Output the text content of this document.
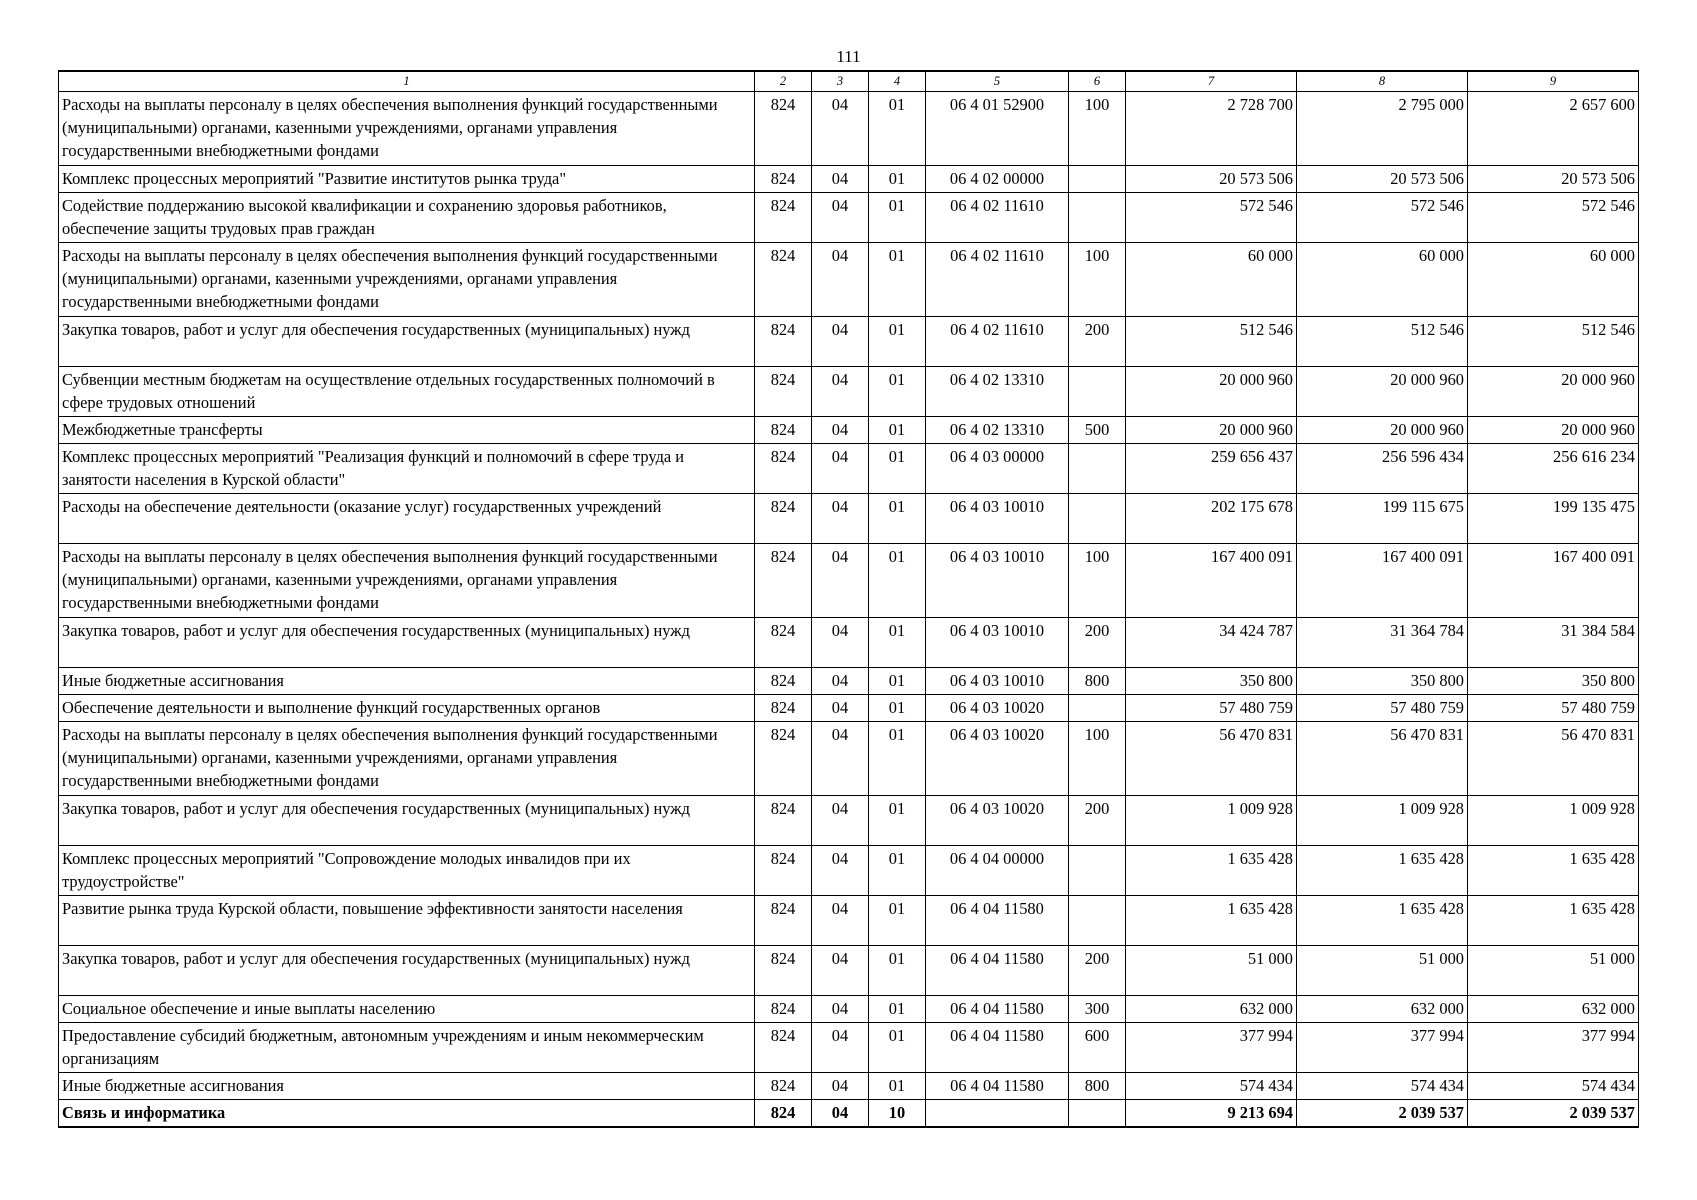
111
1	2	3	4	5	6	7	8	9
Расходы на выплаты персоналу в целях обеспечения выполнения функций государственными (муниципальными) органами, казенными учреждениями, органами управления государственными внебюджетными фондами	824	04	01	06 4 01 52900	100	2 728 700	2 795 000	2 657 600
Комплекс процессных мероприятий "Развитие институтов рынка труда"	824	04	01	06 4 02 00000		20 573 506	20 573 506	20 573 506
Содействие поддержанию высокой квалификации и сохранению здоровья работников, обеспечение защиты трудовых прав граждан	824	04	01	06 4 02 11610		572 546	572 546	572 546
Расходы на выплаты персоналу в целях обеспечения выполнения функций государственными (муниципальными) органами, казенными учреждениями, органами управления государственными внебюджетными фондами	824	04	01	06 4 02 11610	100	60 000	60 000	60 000
Закупка товаров, работ и услуг для обеспечения государственных (муниципальных) нужд	824	04	01	06 4 02 11610	200	512 546	512 546	512 546
Субвенции местным бюджетам на осуществление отдельных государственных полномочий в сфере трудовых отношений	824	04	01	06 4 02 13310		20 000 960	20 000 960	20 000 960
Межбюджетные трансферты	824	04	01	06 4 02 13310	500	20 000 960	20 000 960	20 000 960
Комплекс процессных мероприятий "Реализация функций и полномочий в сфере труда и занятости населения в Курской области"	824	04	01	06 4 03 00000		259 656 437	256 596 434	256 616 234
Расходы на обеспечение деятельности (оказание услуг) государственных учреждений	824	04	01	06 4 03 10010		202 175 678	199 115 675	199 135 475
Расходы на выплаты персоналу в целях обеспечения выполнения функций государственными (муниципальными) органами, казенными учреждениями, органами управления государственными внебюджетными фондами	824	04	01	06 4 03 10010	100	167 400 091	167 400 091	167 400 091
Закупка товаров, работ и услуг для обеспечения государственных (муниципальных) нужд	824	04	01	06 4 03 10010	200	34 424 787	31 364 784	31 384 584
Иные бюджетные ассигнования	824	04	01	06 4 03 10010	800	350 800	350 800	350 800
Обеспечение деятельности и выполнение функций государственных органов	824	04	01	06 4 03 10020		57 480 759	57 480 759	57 480 759
Расходы на выплаты персоналу в целях обеспечения выполнения функций государственными (муниципальными) органами, казенными учреждениями, органами управления государственными внебюджетными фондами	824	04	01	06 4 03 10020	100	56 470 831	56 470 831	56 470 831
Закупка товаров, работ и услуг для обеспечения государственных (муниципальных) нужд	824	04	01	06 4 03 10020	200	1 009 928	1 009 928	1 009 928
Комплекс процессных мероприятий "Сопровождение молодых инвалидов при их трудоустройстве"	824	04	01	06 4 04 00000		1 635 428	1 635 428	1 635 428
Развитие рынка труда Курской области, повышение эффективности занятости населения	824	04	01	06 4 04 11580		1 635 428	1 635 428	1 635 428
Закупка товаров, работ и услуг для обеспечения государственных (муниципальных) нужд	824	04	01	06 4 04 11580	200	51 000	51 000	51 000
Социальное обеспечение и иные выплаты населению	824	04	01	06 4 04 11580	300	632 000	632 000	632 000
Предоставление субсидий бюджетным, автономным учреждениям и иным некоммерческим организациям	824	04	01	06 4 04 11580	600	377 994	377 994	377 994
Иные бюджетные ассигнования	824	04	01	06 4 04 11580	800	574 434	574 434	574 434
Связь и информатика	824	04	10			9 213 694	2 039 537	2 039 537
